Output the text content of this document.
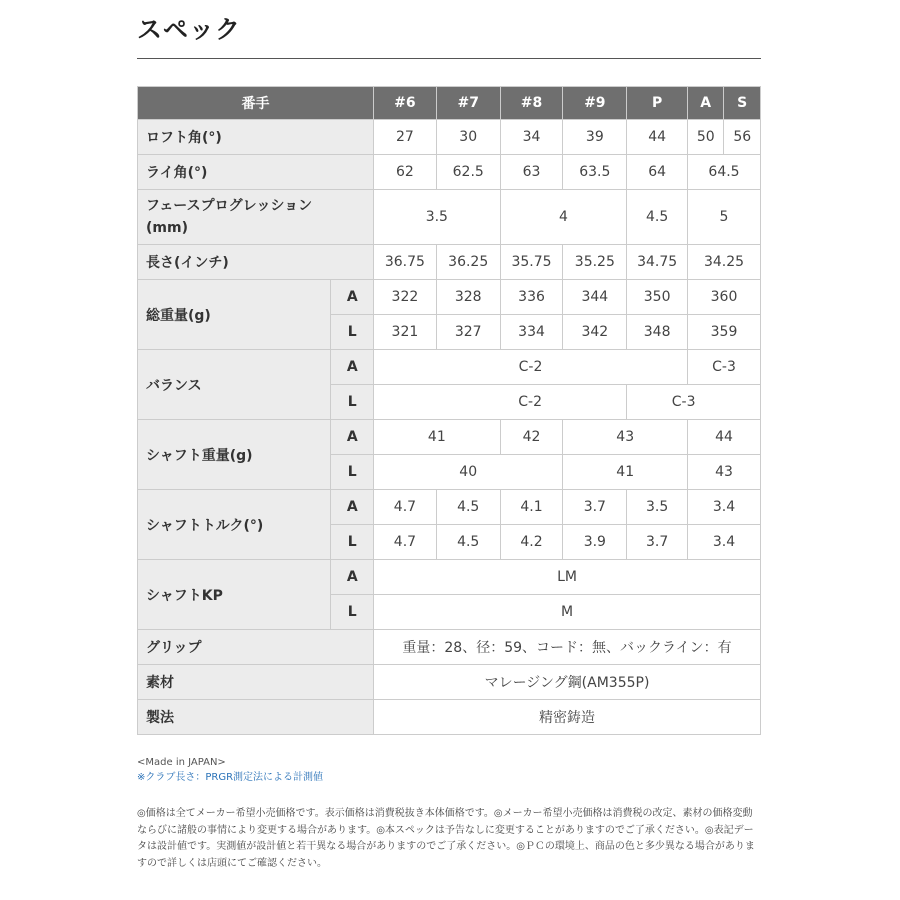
スペック
番手		#6	#7	#8	#9	P	A	S
ロフト角(°)		27	30	34	39	44	50	56
ライ角(°)		62	62.5	63	63.5	64	64.5	
フェースプログレッション(mm)		3.5		4		4.5	5	
長さ(インチ)		36.75	36.25	35.75	35.25	34.75	34.25	
総重量(g)	A	322	328	336	344	350	360	
	L	321	327	334	342	348	359	
バランス	A	C-2					C-3	
	L	C-2				C-3		
シャフト重量(g)	A	41		42	43		44	
	L	40			41		43	
シャフトトルク(°)	A	4.7	4.5	4.1	3.7	3.5	3.4	
	L	4.7	4.5	4.2	3.9	3.7	3.4	
シャフトKP	A	LM						
	L	M						
グリップ		重量：28、径：59、コード：無、バックライン：有						
素材		マレージング鋼(AM355P)						
製法		精密鋳造						
<Made in JAPAN>
※クラブ長さ：PRGR測定法による計測値
◎価格は全てメーカー希望小売価格です。表示価格は消費税抜き本体価格です。◎メーカー希望小売価格は消費税の改定、素材の価格変動ならびに諸般の事情により変更する場合があります。◎本スペックは予告なしに変更することがありますのでご了承ください。◎表記データは設計値です。実測値が設計値と若干異なる場合がありますのでご了承ください。◎ＰＣの環境上、商品の色と多少異なる場合がありますので詳しくは店頭にてご確認ください。
